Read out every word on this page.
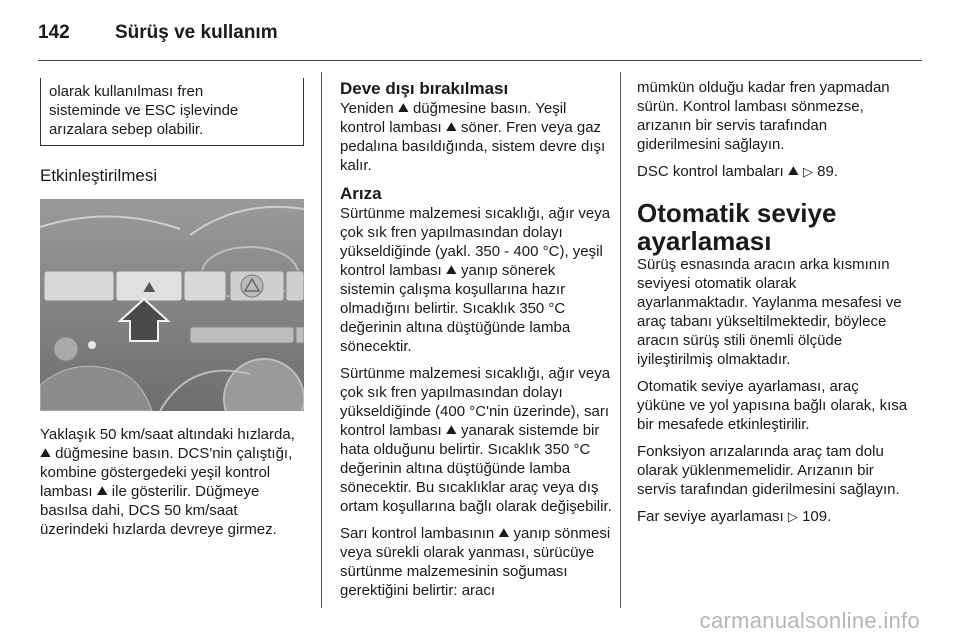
142 Sürüş ve kullanım
olarak kullanılması fren
sisteminde ve ESC işlevinde
arızalara sebep olabilir.
Etkinleştirilmesi
⛰

Yaklaşık 50 km/saat altındaki hızlarda, ⛰ düğmesine basın. DCS'nin çalıştığı, kombine göstergedeki yeşil kontrol lambası ⛰ ile gösterilir. Düğmeye basılsa dahi, DCS 50 km/saat üzerindeki hızlarda devreye girmez.

Deve dışı bırakılması

Yeniden ⛰ düğmesine basın. Yeşil kontrol lambası ⛰ söner. Fren veya gaz pedalına basıldığında, sistem devre dışı kalır.

Arıza

Sürtünme malzemesi sıcaklığı, ağır veya çok sık fren yapılmasından dolayı yükseldiğinde (yakl. 350 - 400 °C), yeşil kontrol lambası ⛰ yanıp sönerek sistemin çalışma koşullarına hazır olmadığını belirtir. Sıcaklık 350 °C değerinin altına düştüğünde lamba sönecektir.

Sürtünme malzemesi sıcaklığı, ağır veya çok sık fren yapılmasından dolayı yükseldiğinde (400 °C'nin üzerinde), sarı kontrol lambası ⛰ yanarak sistemde bir hata olduğunu belirtir. Sıcaklık 350 °C değerinin altına düştüğünde lamba sönecektir. Bu sıcaklıklar araç veya dış ortam koşullarına bağlı olarak değişebilir.

Sarı kontrol lambasının ⛰ yanıp sönmesi veya sürekli olarak yanması, sürücüye sürtünme malzemesinin soğuması gerektiğini belirtir: aracı

mümkün olduğu kadar fren yapmadan sürün. Kontrol lambası sönmezse, arızanın bir servis tarafından giderilmesini sağlayın.

DSC kontrol lambaları ⛰ ▷ 89.

Otomatik seviye ayarlaması

Sürüş esnasında aracın arka kısmının seviyesi otomatik olarak ayarlanmaktadır. Yaylanma mesafesi ve araç tabanı yükseltilmektedir, böylece aracın sürüş stili önemli ölçüde iyileştirilmiş olmaktadır.

Otomatik seviye ayarlaması, araç yüküne ve yol yapısına bağlı olarak, kısa bir mesafede etkinleştirilir.

Fonksiyon arızalarında araç tam dolu olarak yüklenmemelidir. Arızanın bir servis tarafından giderilmesini sağlayın.

Far seviye ayarlaması ▷ 109.

carmanualsonline.info
